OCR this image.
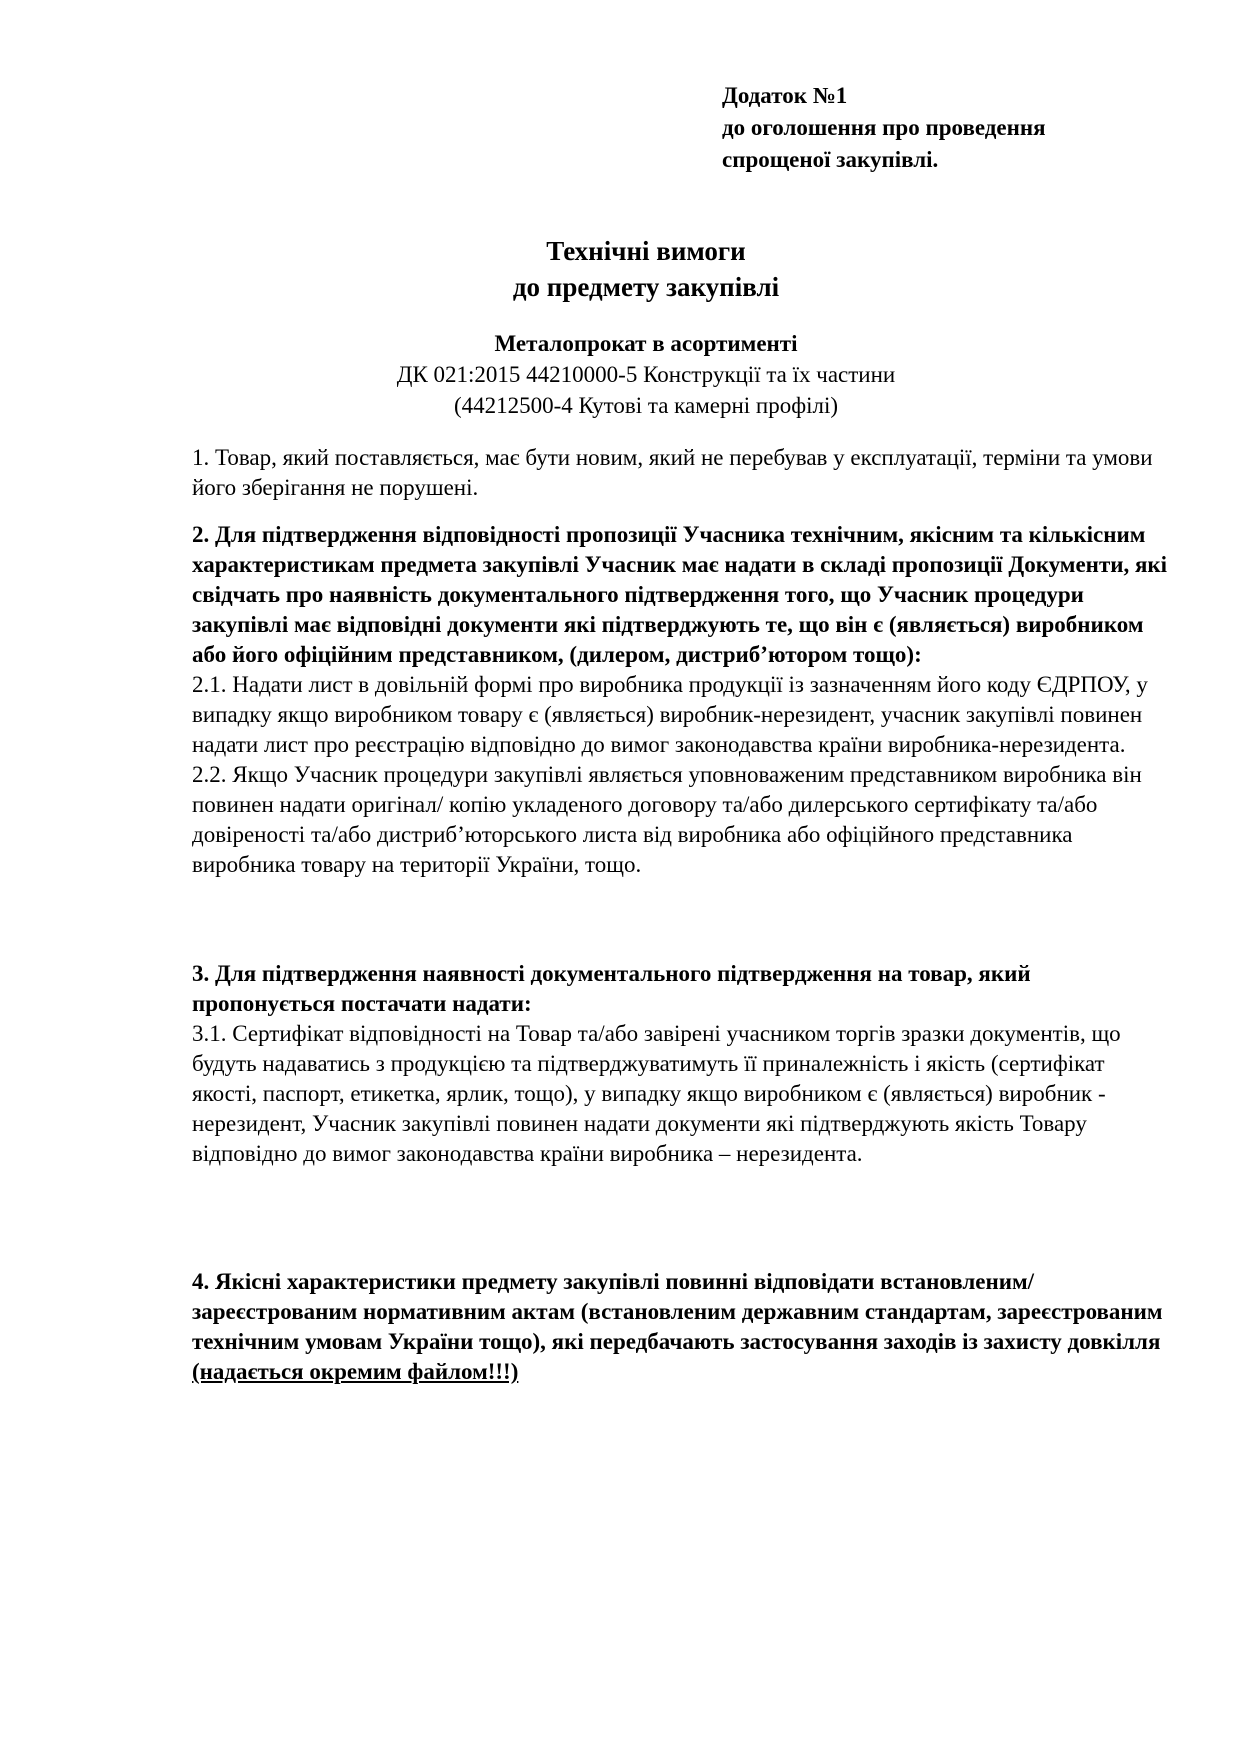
Додаток №1
до оголошення про проведення
спрощеної закупівлі.
Технічні вимоги
до предмету закупівлі
Металопрокат в асортименті
ДК 021:2015 44210000-5 Конструкції та їх частини
(44212500-4 Кутові та камерні профілі)

1. Товар, який поставляється, має бути новим, який не перебував у експлуатації, терміни та умови його зберігання не порушені.

2. Для підтвердження відповідності пропозиції Учасника технічним, якісним та кількісним характеристикам предмета закупівлі Учасник має надати в складі пропозиції Документи, які свідчать про наявність документального підтвердження того, що Учасник процедури закупівлі має відповідні документи які підтверджують те, що він є (являється) виробником або його офіційним представником, (дилером, дистриб’ютором тощо):

2.1. Надати лист в довільній формі про виробника продукції із зазначенням його коду ЄДРПОУ, у випадку якщо виробником товару є (являється) виробник-нерезидент, учасник закупівлі повинен надати лист про реєстрацію відповідно до вимог законодавства країни виробника-нерезидента.

2.2. Якщо Учасник процедури закупівлі являється уповноваженим представником виробника він повинен надати оригінал/ копію укладеного договору та/або дилерського сертифікату та/або довіреності та/або дистриб’юторського листа від виробника або офіційного представника виробника товару на території України, тощо.

3. Для підтвердження наявності документального підтвердження на товар, який пропонується постачати надати:

3.1. Сертифікат відповідності на Товар та/або завірені учасником торгів зразки документів, що будуть надаватись з продукцією та підтверджуватимуть її приналежність і якість (сертифікат якості, паспорт, етикетка, ярлик, тощо), у випадку якщо виробником є (являється) виробник - нерезидент, Учасник закупівлі повинен надати документи які підтверджують якість Товару відповідно до вимог законодавства країни виробника – нерезидента.

4. Якісні характеристики предмету закупівлі повинні відповідати встановленим/зареєстрованим нормативним актам (встановленим державним стандартам, зареєстрованим технічним умовам України тощо), які передбачають застосування заходів із захисту довкілля (надається окремим файлом!!!)
